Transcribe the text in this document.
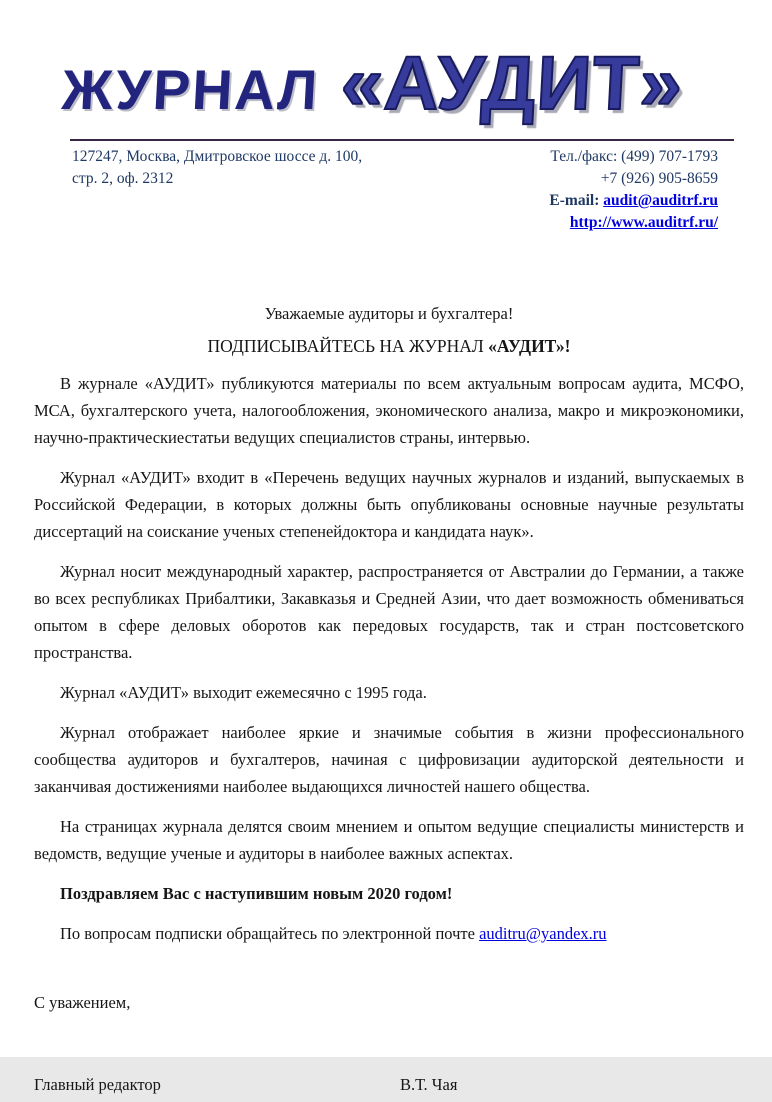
ЖУРНАЛ «АУДИТ»
127247, Москва, Дмитровское шоссе д. 100,
стр. 2, оф. 2312
Тел./факс: (499) 707-1793
+7 (926) 905-8659
E-mail: audit@auditrf.ru
http://www.auditrf.ru/
Уважаемые аудиторы и бухгалтера!
ПОДПИСЫВАЙТЕСЬ НА ЖУРНАЛ «АУДИТ»!

В журнале «АУДИТ» публикуются материалы по всем актуальным вопросам аудита, МСФО, МСА, бухгалтерского учета, налогообложения, экономического анализа, макро и микроэкономики, научно-практическиестатьи ведущих специалистов страны, интервью.

Журнал «АУДИТ» входит в «Перечень ведущих научных журналов и изданий, выпускаемых в Российской Федерации, в которых должны быть опубликованы основные научные результаты диссертаций на соискание ученых степенейдоктора и кандидата наук».

Журнал носит международный характер, распространяется от Австралии до Германии, а также во всех республиках Прибалтики, Закавказья и Средней Азии, что дает возможность обмениваться опытом в сфере деловых оборотов как передовых государств, так и стран постсоветского пространства.

Журнал «АУДИТ» выходит ежемесячно с 1995 года.

Журнал отображает наиболее яркие и значимые события в жизни профессионального сообщества аудиторов и бухгалтеров, начиная с цифровизации аудиторской деятельности и заканчивая достижениями наиболее выдающихся личностей нашего общества.

На страницах журнала делятся своим мнением и опытом ведущие специалисты министерств и ведомств, ведущие ученые и аудиторы в наиболее важных аспектах.

Поздравляем Вас с наступившим новым 2020 годом!

По вопросам подписки обращайтесь по электронной почте auditru@yandex.ru

С уважением,
Главный редактор	В.Т. Чая
